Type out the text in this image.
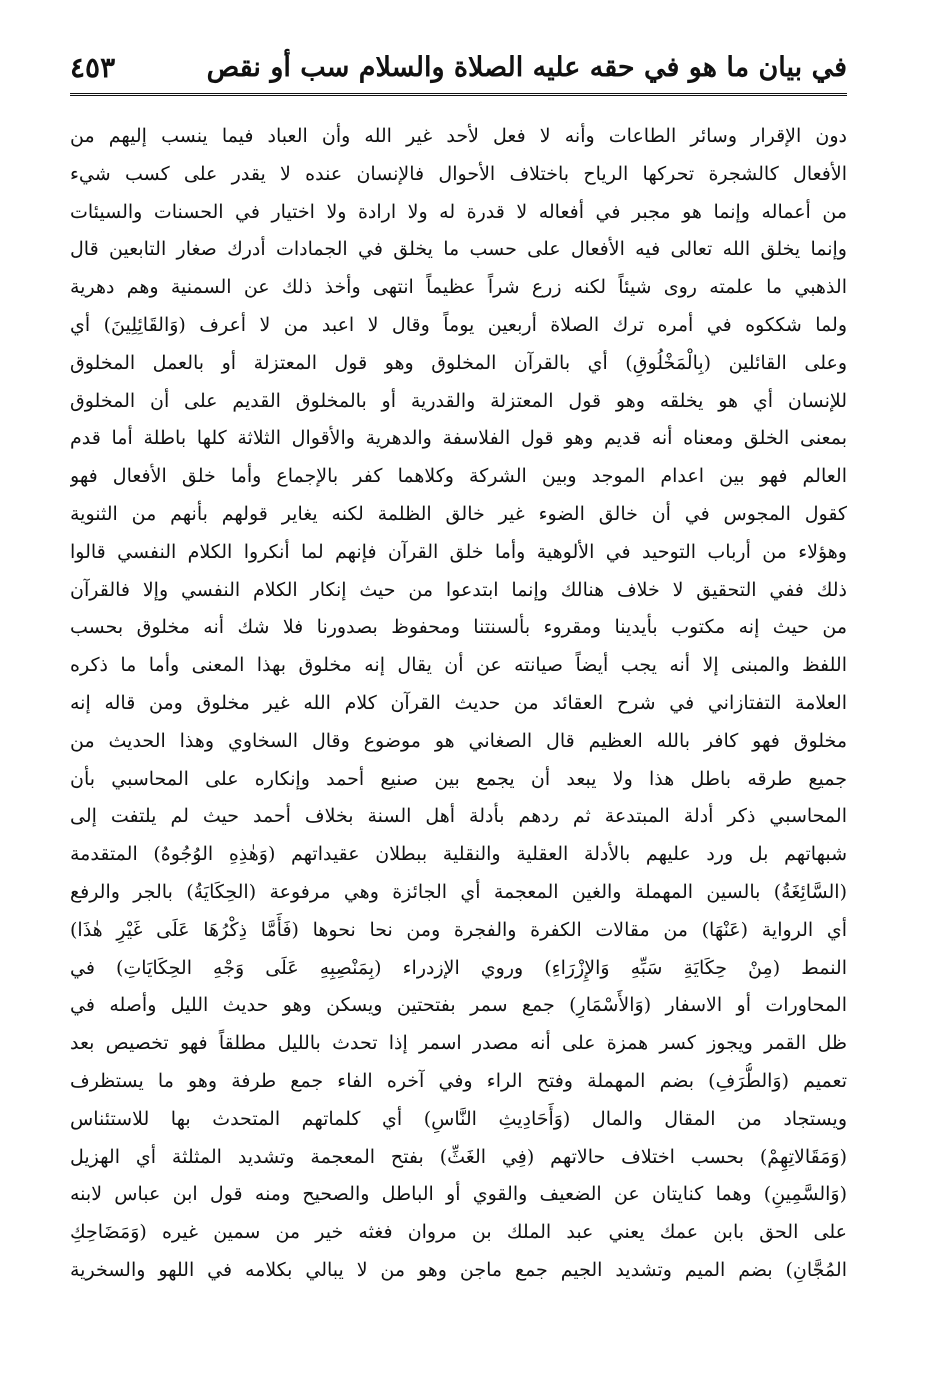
في بيان ما هو في حقه عليه الصلاة والسلام سب أو نقص
٤٥٣
دون الإقرار وسائر الطاعات وأنه لا فعل لأحد غير الله وأن العباد فيما ينسب إليهم من
الأفعال كالشجرة تحركها الرياح باختلاف الأحوال فالإنسان عنده لا يقدر على كسب شيء
من أعماله وإنما هو مجبر في أفعاله لا قدرة له ولا ارادة ولا اختيار في الحسنات والسيئات
وإنما يخلق الله تعالى فيه الأفعال على حسب ما يخلق في الجمادات أدرك صغار التابعين قال
الذهبي ما علمته روى شيئاً لكنه زرع شراً عظيماً انتهى وأخذ ذلك عن السمنية وهم دهرية
ولما شككوه في أمره ترك الصلاة أربعين يوماً وقال لا اعبد من لا أعرف (وَالقَائِلِينَ) أي
وعلى القائلين (بِالْمَخْلُوقِ) أي بالقرآن المخلوق وهو قول المعتزلة أو بالعمل المخلوق
للإنسان أي هو يخلقه وهو قول المعتزلة والقدرية أو بالمخلوق القديم على أن المخلوق
بمعنى الخلق ومعناه أنه قديم وهو قول الفلاسفة والدهرية والأقوال الثلاثة كلها باطلة أما قدم
العالم فهو بين اعدام الموجد وبين الشركة وكلاهما كفر بالإجماع وأما خلق الأفعال فهو
كقول المجوس في أن خالق الضوء غير خالق الظلمة لكنه يغاير قولهم بأنهم من الثنوية
وهؤلاء من أرباب التوحيد في الألوهية وأما خلق القرآن فإنهم لما أنكروا الكلام النفسي قالوا
ذلك ففي التحقيق لا خلاف هنالك وإنما ابتدعوا من حيث إنكار الكلام النفسي وإلا فالقرآن
من حيث إنه مكتوب بأيدينا ومقروء بألسنتنا ومحفوظ بصدورنا فلا شك أنه مخلوق بحسب
اللفظ والمبنى إلا أنه يجب أيضاً صيانته عن أن يقال إنه مخلوق بهذا المعنى وأما ما ذكره
العلامة التفتازاني في شرح العقائد من حديث القرآن كلام الله غير مخلوق ومن قاله إنه
مخلوق فهو كافر بالله العظيم قال الصغاني هو موضوع وقال السخاوي وهذا الحديث من
جميع طرقه باطل هذا ولا يبعد أن يجمع بين صنيع أحمد وإنكاره على المحاسبي بأن
المحاسبي ذكر أدلة المبتدعة ثم ردهم بأدلة أهل السنة بخلاف أحمد حيث لم يلتفت إلى
شبهاتهم بل ورد عليهم بالأدلة العقلية والنقلية ببطلان عقيداتهم (وَهٰذِهِ الوُجُوهُ) المتقدمة
(السَّائِغَةُ) بالسين المهملة والغين المعجمة أي الجائزة وهي مرفوعة (الحِكَايَةُ) بالجر والرفع
أي الرواية (عَنْهَا) من مقالات الكفرة والفجرة ومن نحا نحوها (فَأَمَّا ذِكْرُهَا عَلَى غَيْرِ هٰذَا)
النمط (مِنْ حِكَايَةِ سَبِّهِ وَالإِزْرَاءِ) وروي الإزدراء (بِمَنْصِبِهِ عَلَى وَجْهِ الحِكَايَاتِ) في
المحاورات أو الاسفار (وَالأَسْمَارِ) جمع سمر بفتحتين ويسكن وهو حديث الليل وأصله في
ظل القمر ويجوز كسر همزة على أنه مصدر اسمر إذا تحدث بالليل مطلقاً فهو تخصيص بعد
تعميم (وَالطُّرَفِ) بضم المهملة وفتح الراء وفي آخره الفاء جمع طرفة وهو ما يستظرف
ويستجاد من المقال والمال (وَأَحَادِيثِ النَّاسِ) أي كلماتهم المتحدث بها للاستئناس
(وَمَقَالاتِهِمْ) بحسب اختلاف حالاتهم (فِي الغَثِّ) بفتح المعجمة وتشديد المثلثة أي الهزيل
(وَالسَّمِينِ) وهما كنايتان عن الضعيف والقوي أو الباطل والصحيح ومنه قول ابن عباس لابنه
على الحق بابن عمك يعني عبد الملك بن مروان فغثه خير من سمين غيره (وَمَضَاحِكِ
المُجَّانِ) بضم الميم وتشديد الجيم جمع ماجن وهو من لا يبالي بكلامه في اللهو والسخرية
